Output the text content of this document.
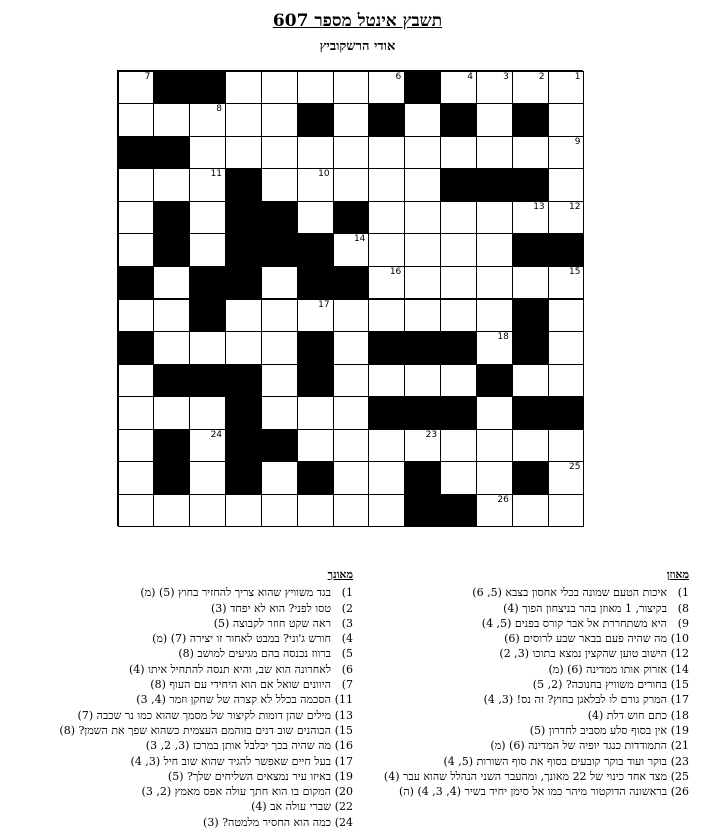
תשבץ אינטל מספר 607
אודי הרשקוביץ
1
2
3
4
6
7
8
9
10
11
12
13
14
15
16
17
18
23
24
25
26
מאוזן
1)איכות הטעם שמונה בכלי אחסון בצבא (5, 6)
8)בקיצור, 1 מאוזן בהר בניצחון הפוך (4)
9)היא משתחררת אל אבר קורס בפנים (5, 4)
10)מה שהיה פעם בבאר שבע לרוסים (6)
12)הישוב טוען שהקצין נמצא בתוכו (3, 2)
14)אזרוק אותו ממדינה (6) (מ)
15)בחורים משוויץ בחנוכה? (2, 5)
17)המרק גורם לו לבלאגן בחוץ? זה נס! (3, 4)
18)כתם חוש דלת (4)
19)אין בסוף סלע מסביב לחדרון (5)
21)התמודדות כנגד יופיה של המדינה (6) (מ)
23)בוקר ועוד בוקר קובעים בסוף את סוף השורות (5, 4)
25)מצד אחד כינוי של 22 מאונך, ומהעבר השני הנהלל שהוא עבר (4)
26)בראשונה הדוקטור מיהר כמו אל סימן יחיד בשיר (4, 3, 4) (ה)
מאונך
1)בגד משוויץ שהוא צריך להחזיר בחוץ (5) (מ)
2)טסו לפני? הוא לא יפחד (3)
3)ראה שקט חוזר לקבוצה (5)
4)חורש ג'וני? במבט לאחור זו יצירה (7) (מ)
5)ברווז נכנסה בהם מגיעים למושב (8)
6)לאחרונה הוא שב, והיא תנסה להתחיל איתו (4)
7)היוונים שואל אם הוא היחידי עם העוף (8)
11)הסכמה בכלל לא קצרה של שחקן וזמר (4, 3)
13)מילים שהן דומות לקיצור של מסמך שהוא כמו נר שכבה (7)
15)הכוהנים שוב דנים בזוהמם העצמית כשהוא שפך את השמן? (8)
16)מה שהיה בכך יבלבל אותן במרכז (3, 2, 3)
17)בעל חיים שאפשר להגיד שהוא שוב חיל (3, 4)
19)באיזו עיר נמצאים השליחים שלך? (5)
20)המקום בו הוא חתך עולה אפס מאמץ (2, 3)
22)שברי עולה אב (4)
24)כמה הוא החסיר מלמטה? (3)
